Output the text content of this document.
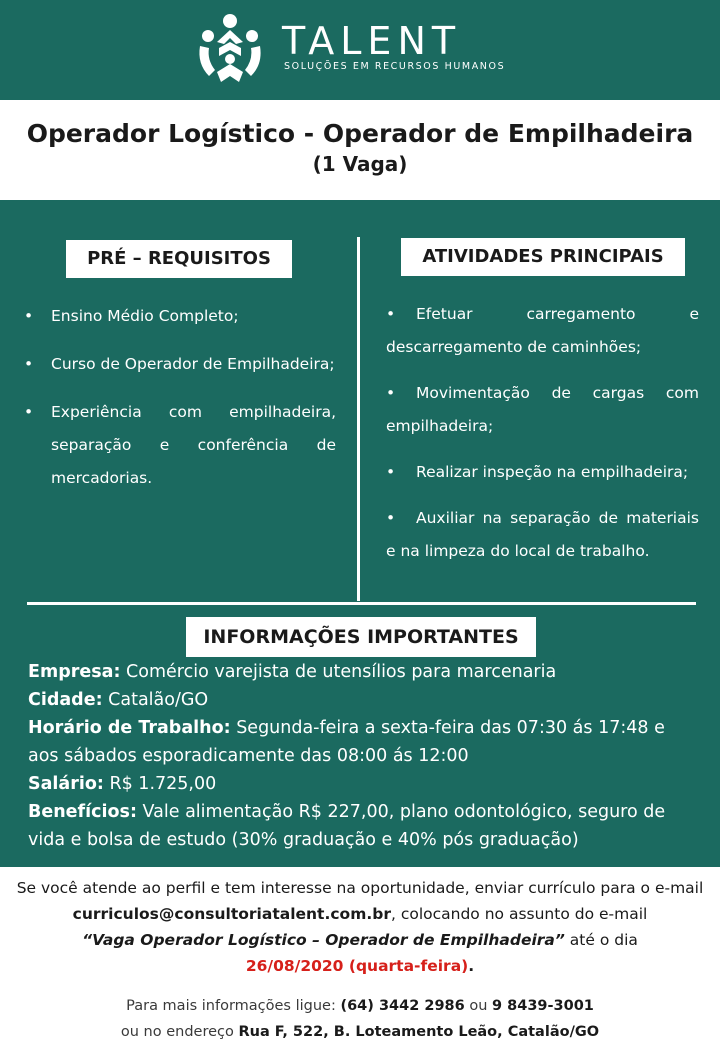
TALENT
SOLUÇÕES EM RECURSOS HUMANOS
Operador Logístico - Operador de Empilhadeira
(1 Vaga)
PRÉ – REQUISITOS	ATIVIDADES PRINCIPAIS
• Ensino Médio Completo;
• Curso de Operador de Empilhadeira;
• Experiência com empilhadeira, separação e conferência de mercadorias.
• Efetuar carregamento e descarregamento de caminhões;
• Movimentação de cargas com empilhadeira;
• Realizar inspeção na empilhadeira;
• Auxiliar na separação de materiais e na limpeza do local de trabalho.
INFORMAÇÕES IMPORTANTES

Empresa: Comércio varejista de utensílios para marcenaria

Cidade: Catalão/GO

Horário de Trabalho: Segunda-feira a sexta-feira das 07:30 ás 17:48 e aos sábados esporadicamente das 08:00 ás 12:00

Salário: R$ 1.725,00

Benefícios: Vale alimentação R$ 227,00, plano odontológico, seguro de vida e bolsa de estudo (30% graduação e 40% pós graduação)

Se você atende ao perfil e tem interesse na oportunidade, enviar currículo para o e-mail curriculos@consultoriatalent.com.br, colocando no assunto do e-mail
“Vaga Operador Logístico – Operador de Empilhadeira” até o dia
26/08/2020 (quarta-feira).

Para mais informações ligue: (64) 3442 2986 ou 9 8439-3001
ou no endereço Rua F, 522, B. Loteamento Leão, Catalão/GO
